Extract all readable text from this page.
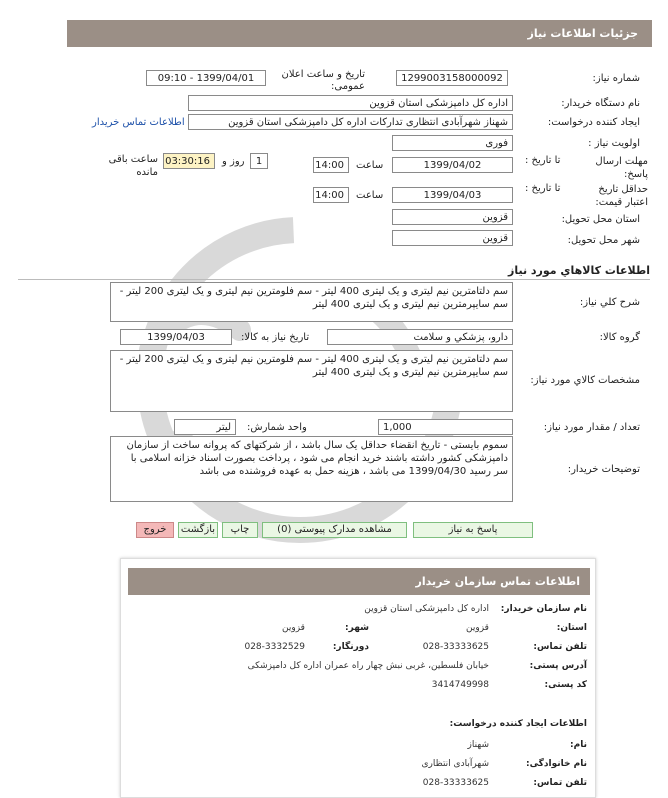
جزئيات اطلاعات نياز
شماره نیاز:
1299003158000092
تاریخ و ساعت اعلان عمومی:
1399/04/01 - 09:10
نام دستگاه خريدار:
اداره کل دامپزشکی استان قزوین
ایجاد کننده درخواست:
شهناز شهرآبادی انتظاری تدارکات اداره کل دامپزشکی استان قزوین
اطلاعات تماس خریدار
اولويت نياز :
فوری
مهلت ارسال پاسخ:
تا تاريخ :
1399/04/02
ساعت
14:00
1
روز و
03:30:16
ساعت باقی مانده
حداقل تاريخ اعتبار قيمت:
تا تاريخ :
1399/04/03
ساعت
14:00
استان محل تحويل:
قزوین
شهر محل تحويل:
قزوین
اطلاعات کالاهاي مورد نياز
شرح کلي نياز:
سم دلتامترین نیم لیتری و یک لیتری 400 لیتر - سم فلومترین نیم لیتری و یک لیتری 200 لیتر - سم سایپرمترین نیم لیتری و یک لیتری 400 لیتر
گروه کالا:
دارو، پزشکي و سلامت
تاريخ نياز به کالا:
1399/04/03
مشخصات کالاي مورد نياز:
سم دلتامترین نیم لیتری و یک لیتری 400 لیتر - سم فلومترین نیم لیتری و یک لیتری 200 لیتر - سم سایپرمترین نیم لیتری و یک لیتری 400 لیتر
تعداد / مقدار مورد نیاز:
1,000
واحد شمارش:
لیتر
توضيحات خريدار:
سموم بایستی - تاریخ انقضاء حداقل یک سال باشد ، از شرکتهای که پروانه ساخت از سازمان دامپزشکی کشور داشته باشند خرید انجام می شود ، پرداخت بصورت اسناد خزانه اسلامی با سر رسید 1399/04/30 می باشد ، هزینه حمل به عهده فروشنده می باشد
پاسخ به نیاز
مشاهده مدارک پیوستی (0)
چاپ
بازگشت
خروج
اطلاعات تماس سازمان خریدار
نام سازمان خریدار:
اداره کل دامپزشکی استان قزوین
استان:
قزوین
شهر:
قزوین
تلفن تماس:
028-33333625
دورنگار:
028-3332529
آدرس پستی:
خیابان فلسطین، غربی نبش چهار راه عمران اداره کل دامپزشکی
کد پستی:
3414749998
اطلاعات ایجاد کننده درخواست:
نام:
شهناز
نام خانوادگی:
شهرآبادی انتظاری
تلفن تماس:
028-33333625
